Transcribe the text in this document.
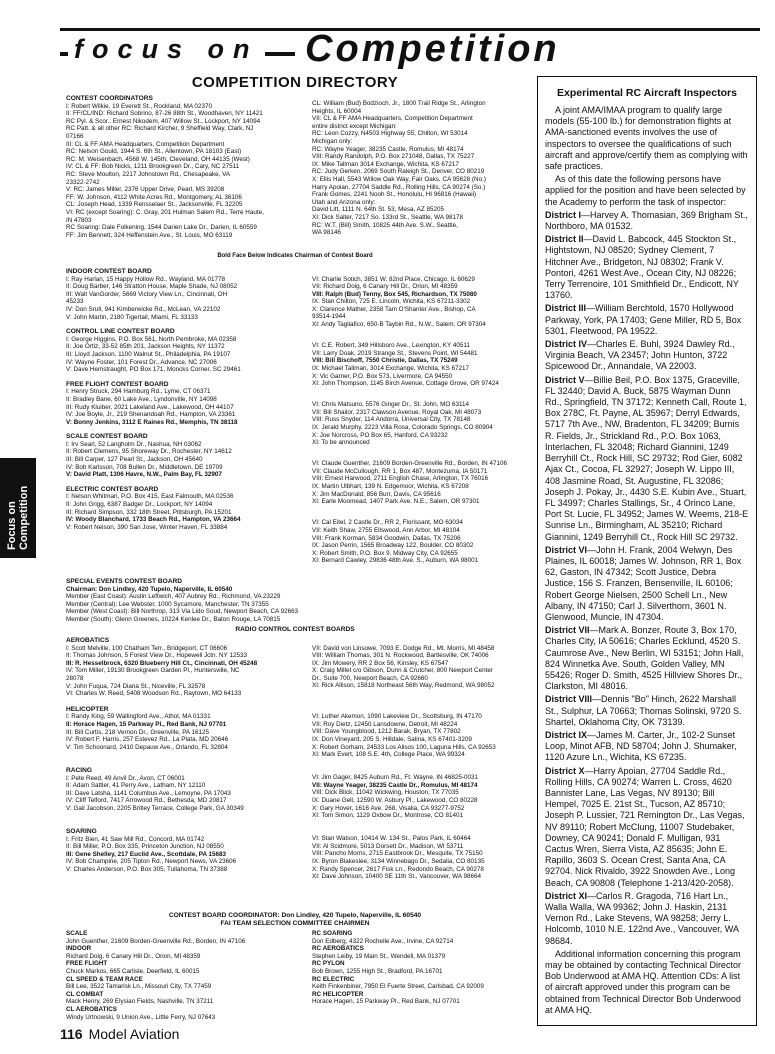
focus on Competition
COMPETITION DIRECTORY
Focus on Competition
CONTEST COORDINATORS
I: Robert Wilkie, 19 Everett St., Rockland, MA 02370
II: FF/CL/IND: Richard Sobrino, 87-26 88th St., Woodhaven, NY 11421
RC Pyl. & Scor.: Ernest Nikodem, 407 Willow St., Lockport, NY 14094
RC Patt. & all other RC: Richard Kircher, 9 Sheffield Way, Clark, NJ
07166
III: CL & FF AMA Headquarters, Competition Department
RC: Nelson Gould, 1944 S. 6th St., Allentown, PA 18103 (East)
RC: M. Weisenbach, 4568 W. 145th, Cleveland, OH 44135 (West)
IV: CL & FF: Bob Nicks, 1211 Brookgreen Dr., Cary, NC 27511
RC: Steve Moulton, 2217 Johnstown Rd., Chesapeake, VA
23322-2742
V: RC: James Miller, 2376 Upper Drive, Pearl, MS 39208
FF: W. Johnson, 4112 White Acres Rd., Montgomery, AL 36106
CL: Joseph Head, 1339 Rensselaer St., Jacksonville, FL 32205
VI: RC (except Soaring): C. Gray, 201 Hulman Salem Rd., Terre Haute,
IN 47803
RC Soaring: Dale Folkening, 1544 Darien Lake Dr., Darien, IL 60559
FF: Jim Bennett, 324 Heffenstein Ave., St. Louis, MO 63119
CL: William (Bud) Bodzioch, Jr., 1800 Trail Ridge St., Arlington
Heights, IL 60004
VII: CL & FF AMA Headquarters, Competition Department
entire district except Michigan:
RC: Leon Cozzy, N4503 Highway 55, Chilton, WI 53014
Michigan only:
RC: Wayne Yeager, 38235 Castle, Romulus, MI 48174
VIII: Randy Randolph, P.O. Box 271048, Dallas, TX 75227
IX: Mike Tallman 3014 Exchange, Wichita, KS 67217
RC: Judy Gerken, 2069 South Raleigh St., Denver, CO 80219
X: Ellis Hall, 5543 Willow Oak Way, Fair Oaks, CA 95628 (No.)
Harry Apoian, 27704 Saddle Rd., Rolling Hills, CA 90274 (So.)
Frank Gomes, 2241 Nooh St., Honolulu, HI 96816 (Hawaii)
Utah and Arizona only:
David Litt, 1111 N. 64th St. 53, Mesa, AZ 85205
XI: Dick Salter, 7217 So. 133rd St., Seattle, WA 98178
RC: W.T. (Bill) Smith, 10825 44th Ave. S.W., Seattle,
WA 98146
Bold Face Below Indicates Chairman of Contest Board
INDOOR CONTEST BOARD
I: Ray Harlan, 15 Happy Hollow Rd., Wayland, MA 01778
II: Doug Barber, 146 Stratton House, Maple Shade, NJ 08052
III: Walt VanGorder, 5669 Victory View Ln., Cincinnati, OH
45233
IV: Don Srull, 941 Kimberwicke Rd., McLean, VA 22102
V: John Martin, 2180 Tigertail, Miami, FL 33133
CONTROL LINE CONTEST BOARD
I: George Higgins, P.O. Box 561, North Pembroke, MA 02358
II: Joe Ortiz, 33-52 85th 201, Jackson Heights, NY 11372
III: Lloyd Jackson, 1100 Walnut St., Philadelphia, PA 19107
IV: Wayne Foster, 101 Forest Dr., Advance, NC 27006
V: Dave Hemstraught, PO Box 171, Moncks Corner, SC 29461
FREE FLIGHT CONTEST BOARD
I: Henry Struck, 294 Hamburg Rd., Lyme, CT 06371
II: Bradley Bane, 60 Lake Ave., Lyndonville, NY 14098
III: Rudy Kluiber, 2021 Lakeland Ave., Lakewood, OH 44107
IV: Joe Boyle, Jr., 219 Shenandoah Rd., Hampton, VA 23361
V: Bonny Jenkins, 3112 E Raines Rd., Memphis, TN 38118
SCALE CONTEST BOARD
I: Irv Searl, 52 Langholm Dr., Nashua, NH 03062
II: Robert Clemens, 95 Shoreway Dr., Rochester, NY 14612
III: Bill Carper, 127 Pearl St., Jackson, OH 45640
IV: Bob Karlsson, 708 Bullen Dr., Middletown, DE 19709
V: David Platt, 1306 Havre, N.W., Palm Bay, FL 32907
ELECTRIC CONTEST BOARD
I: Nelson Whitman, P.O. Box 415, East Falmouth, MA 02536
II: John Grigg, 6387 Badger Dr., Lockport, NY 14094
III: Richard Simpson, 332 18th Street, Pittsburgh, PA 15201
IV: Woody Blanchard, 1733 Beach Rd., Hampton, VA 23664
V: Robert Nelson, 390 San Jose, Winter Haven, FL 33884
VI: Charlie Sotich, 3851 W. 82nd Place, Chicago, IL 60629
VII: Richard Doig, 6 Canary Hill Dr., Orion, MI 48359
VIII: Ralph (Bud) Tenny, Box 545, Richardson, TX 75080
IX: Stan Chilton, 725 E. Lincoln, Wichita, KS 67211-3302
X: Clarence Mather, 2358 Tam O'Shanter Ave., Bishop, CA
93514-1944
XI: Andy Tagliafico, 650-B Taybin Rd., N.W., Salem, OR 97304
VI: C.E. Robert, 349 Hillsboro Ave., Lexington, KY 40511
VII: Larry Doak, 2019 Strange St., Stevens Point, WI 54481
VIII: Bill Bischoff, 7550 Christie, Dallas, TX 75249
IX: Michael Tallman, 3014 Exchange, Wichita, KS 67217
X: Vic Garner, P.O. Box 573, Livermore, CA 94550
XI: John Thompson, 1145 Birch Avenue, Cottage Grove, OR 97424
VI: Chris Matsuno, 5576 Ginger Dr., St. John, MO 63114
VII: Bill Shailor, 2317 Clawson Avenue, Royal Oak, MI 48073
VIII: Russ Snyder, 114 Andorra, Universal City, TX 78148
IX: Jerald Murphy, 2223 Villa Rosa, Colorado Springs, CO 80904
X: Joe Norcross, PO Box 65, Hanford, CA 93232
XI: To be announced
VI: Claude Guenther, 21609 Borden-Greenville Rd., Borden, IN 47106
VII: Claude McCullough, RR 1, Box 487, Montezuma, IA 50171
VIII: Ernest Harwood, 2711 English Chase, Arlington, TX 76016
IX: Martin Ulbhart, 139 N. Edgemoor, Wichita, KS 67208
X: Jim MacDonald, 856 Burr, Davis, CA 95616
XI: Earle Moomead, 1407 Park Ave. N.E., Salem, OR 97301
VI: Cal Eitel, 2 Castle Dr., RR 2, Florissant, MO 63034
VII: Keith Shaw, 2755 Ellswood, Ann Arbor, MI 48104
VIII: Frank Korman, 5834 Goodwin, Dallas, TX 75206
IX: Jason Perrin, 1565 Broadway 122, Boulder, CO 80302
X: Robert Smith, P.O. Box 9, Midway City, CA 92655
XI: Bernard Cawley, 29836 48th Ave. S., Auburn, WA 98001
SPECIAL EVENTS CONTEST BOARD
Chairman: Don Lindley, 420 Tupelo, Naperville, IL 60540
Member (East Coast): Austin Leftwich, 407 Aubrey Rd., Richmond, VA 23229
Member (Central): Lee Webster, 1000 Sycamore, Manchester, TN 37355
Member (West Coast): Bill Northrop, 313 Via Lido Soud, Newport Beach, CA 92663
Member (South): Glenn Greenes, 10224 Kenlee Dr., Baton Rouge, LA 70815
RADIO CONTROL CONTEST BOARDS
AEROBATICS
I: Scott Melville, 100 Chatham Terr., Bridgeport, CT 06606
II: Thomas Johnson, 5 Forest View Dr., Hopewell Jctn. NY 12533
III: R. Hesselbrock, 6320 Blueberry Hill Ct., Cincinnati, OH 45248
IV: Tom Miller, 19130 Brookgreen Garden Pl., Huntersville, NC
28078
V: John Fuqua, 724 Diana St., Niceville, FL 32578
VI: Charles W. Reed, 5408 Woodson Rd., Raytown, MO 64133
HELICOPTER
I: Randy King, 59 Wallingford Ave., Athol, MA 01331
II: Horace Hagen, 15 Parkway Pl., Red Bank, NJ 07701
III: Bill Curtis, 218 Vernon Dr., Greenville, PA 16125
IV: Robert F. Harris, 257 Estevez Rd., La Plata, MD 20646
V: Tim Schoonard, 2410 Depauw Ave., Orlando, FL 32804
RACING
I: Pete Reed, 49 Anvil Dr., Avon, CT 06001
II: Adam Sattler, 41 Perry Ave., Latham, NY 12110
III: Dave Latsha, 1141 Columbus Ave., Lemoyne, PA 17043
IV: Cliff Telford, 7417 Arrowood Rd., Bethesda, MD 20817
V: Gail Jacobson, 2205 Britley Terrace, College Park, GA 30349
SOARING
I: Fritz Bien, 41 Saw Mill Rd., Concord, MA 01742
II: Bill Miller, P.O. Box 335, Princeton Junction, NJ 08550
III: Gene Shelley, 217 Euclid Ave., Scottdale, PA 15683
IV: Bob Champine, 205 Tipton Rd., Newport News, VA 23606
V: Charles Anderson, P.O. Box 305, Tullahoma, TN 37388
VII: David von Linsowe, 7093 E. Dodge Rd., Mt. Morris, MI 48458
VIII: William Thomas, 301 N. Rockwood, Bartlesville, OK 74006
IX: Jim Mowery, RR 2 Box 56, Kinsley, KS 67547
X: Craig Millet c/o Gibson, Dunn & Crutcher, 800 Newport Center
Dr., Suite 700, Newport Beach, CA 92660
XI: Rick Allison, 15818 Northeast 56th Way, Redmond, WA 98052
VI: Luther Akemon, 1090 Lakeview Dr., Scottsburg, IN 47170
VII: Roy Dietz, 12450 Lansdowne, Detroit, MI 48224
VIII: Dave Youngblood, 1212 Barak, Bryan, TX 77802
IX: Don Vineyard, 205 S. Hilldale, Salina, KS 67401-3209
X: Robert Gorham, 24533 Los Alisos 100, Laguna Hills, CA 92653
XI: Mark Evert, 108 S.E. 4th, College Place, WA 99324
VI: Jim Gager, 8425 Auburn Rd., Ft. Wayne, IN 46825-0031
VII: Wayne Yeager, 38235 Castle Dr., Romulus, MI 48174
VIII: Dick Blick, 11042 Wickwing, Houston, TX 77035
IX: Duane Gell, 12590 W. Asbury Pl., Lakewood, CO 80228
X: Gary Hover, 1616 Ave. 268, Visalia, CA 93277-9752
XI: Tom Simon, 1129 Oxbow Dr., Montrose, CO 81401
VI: Stan Watson, 10414 W. 134 St., Palos Park, IL 60464
VII: Al Scidmore, 5013 Dorsett Dr., Madison, WI 53711
VIII: Pancho Morris, 2715 Eastbrook Dr., Mesquite, TX 75150
IX: Byron Blakeslee, 3134 Winnebago Dr., Sedalia, CO 80135
X: Randy Spencer, 2617 Fisk Ln., Redondo Beach, CA 90278
XI: Dave Johnson, 10400 SE 11th St., Vancouver, WA 98664
CONTEST BOARD COORDINATOR: Don Lindley, 420 Tupelo, Naperville, IL 60540
FAI TEAM SELECTION COMMITTEE CHAIRMEN
SCALE
John Guenther, 21609 Borden-Greenville Rd., Borden, IN 47106
INDOOR
Richard Doig, 6 Canary Hill Dr., Orion, MI 48359
FREE FLIGHT
Chuck Markos, 665 Carlisle, Deerfield, IL 60015
CL SPEED & TEAM RACE
Bill Lee, 3522 Tamarisk Ln., Missouri City, TX 77459
CL COMBAT
Mack Henry, 269 Elysian Fields, Nashville, TN 37211
CL AEROBATICS
Windy Urtnowski, 9 Union Ave., Little Ferry, NJ 07643
RC SOARING
Don Edberg, 4322 Rochelle Ave., Irvine, CA 92714
RC AEROBATICS
Stephen Leiby, 19 Main St., Wendell, MA 01379
RC PYLON
Bob Brown, 1255 High St., Bradford, PA 16701
RC ELECTRIC
Keith Finkenbiner, 7950 El Fuerte Street, Carlsbad, CA 92009
RC HELICOPTER
Horace Hagen, 15 Parkway Pl., Red Bank, NJ 07701
Experimental RC Aircraft Inspectors

A joint AMA/IMAA program to qualify large models (55-100 lb.) for demonstration flights at AMA-sanctioned events involves the use of inspectors to oversee the qualifications of such aircraft and approve/certify them as complying with safe practices.

As of this date the following persons have applied for the position and have been selected by the Academy to perform the task of inspector:

District I—Harvey A. Thomasian, 369 Brigham St., Northboro, MA 01532.

District II—David L. Babcock, 445 Stockton St., Hightstown, NJ 08520; Sydney Clement, 7 Hitchner Ave., Bridgeton, NJ 08302; Frank V. Pontori, 4261 West Ave., Ocean City, NJ 08226; Terry Terrenoire, 101 Smithfield Dr., Endicott, NY 13760.

District III—William Berchtold, 1570 Hollywood Parkway, York, PA 17403; Gene Miller, RD 5, Box 5301, Fleetwood, PA 19522.

District IV—Charles E. Buhl, 3924 Dawley Rd., Virginia Beach, VA 23457; John Hunton, 3722 Spicewood Dr., Annandale, VA 22003.

District V—Billie Beil, P.O. Box 1375, Graceville, FL 32440; David A. Buck, 5875 Wayman Dunn Rd., Springfield, TN 37172; Kenneth Call, Route 1, Box 278C, Ft. Payne, AL 35967; Derryl Edwards, 5717 7th Ave., NW, Bradenton, FL 34209; Burnis R. Fields, Jr., Strickland Rd., P.O. Box 1063, Interlachen, FL 32048; Richard Giannini, 1249 Berryhill Ct., Rock Hill, SC 29732; Rod Gier, 6082 Ajax Ct., Cocoa, FL 32927; Joseph W. Lippo III, 408 Jasmine Road, St. Augustine, FL 32086; Joseph J. Pokay, Jr., 4430 S.E. Kubin Ave., Stuart, FL 34997; Charles Stallings, Sr., 4 Orinco Lane, Port St. Lucie, FL 34952; James W. Weems, 218-E Sunrise Ln., Birmingham, AL 35210; Richard Giannini, 1249 Berryhill Ct., Rock Hill SC 29732.

District VI—John H. Frank, 2004 Welwyn, Des Plaines, IL 60018; James W. Johnson, RR 1, Box 62, Gaston, IN 47342; Scott Justice, Debra Justice, 156 S. Franzen, Bensenville, IL 60106; Robert George Nielsen, 2500 Schell Ln., New Albany, IN 47150; Carl J. Silverthorn, 3601 N. Glenwood, Muncie, IN 47304.

District VII—Mark A. Bonzer, Route 3, Box 170, Charles City, IA 50616; Charles Ecklund, 4520 S. Caumrose Ave., New Berlin, WI 53151; John Hall, 824 Winnetka Ave. South, Golden Valley, MN 55426; Roger D. Smith, 4525 Hillview Shores Dr., Clarkston, MI 48016.

District VIII—Dennis "Bo" Hinch, 2622 Marshall St., Sulphur, LA 70663; Thomas Solinski, 9720 S. Shartel, Oklahoma City, OK 73139.

District IX—James M. Carter, Jr., 102-2 Sunset Loop, Minot AFB, ND 58704; John J. Shumaker, 1120 Azure Ln., Wichita, KS 67235.

District X—Harry Apoian, 27704 Saddle Rd., Rolling Hills, CA 90274; Warren L. Cross, 4620 Bannister Lane, Las Vegas, NV 89130; Bill Hempel, 7025 E. 21st St., Tucson, AZ 85710; Joseph P. Lussier, 721 Remington Dr., Las Vegas, NV 89110; Robert McClung, 11007 Studebaker, Downey, CA 90241; Donald F. Mulligan, 931 Cactus Wren, Sierra Vista, AZ 85635; John E. Rapillo, 3603 S. Ocean Crest, Santa Ana, CA 92704. Nick Rivaldo, 3922 Snowden Ave., Long Beach, CA 90808 (Telephone 1-213/420-2058).

District XI—Carlos R. Gragoda, 716 Hart Ln., Walla Walla, WA 99362; John J. Haskin, 2131 Vernon Rd., Lake Stevens, WA 98258; Jerry L. Holcomb, 1010 N.E. 122nd Ave., Vancouver, WA 98684.

Additional information concerning this program may be obtained by contacting Technical Director Bob Underwood at AMA HQ. Attention CDs: A list of aircraft approved under this program can be obtained from Technical Director Bob Underwood at AMA HQ.

116 Model Aviation
